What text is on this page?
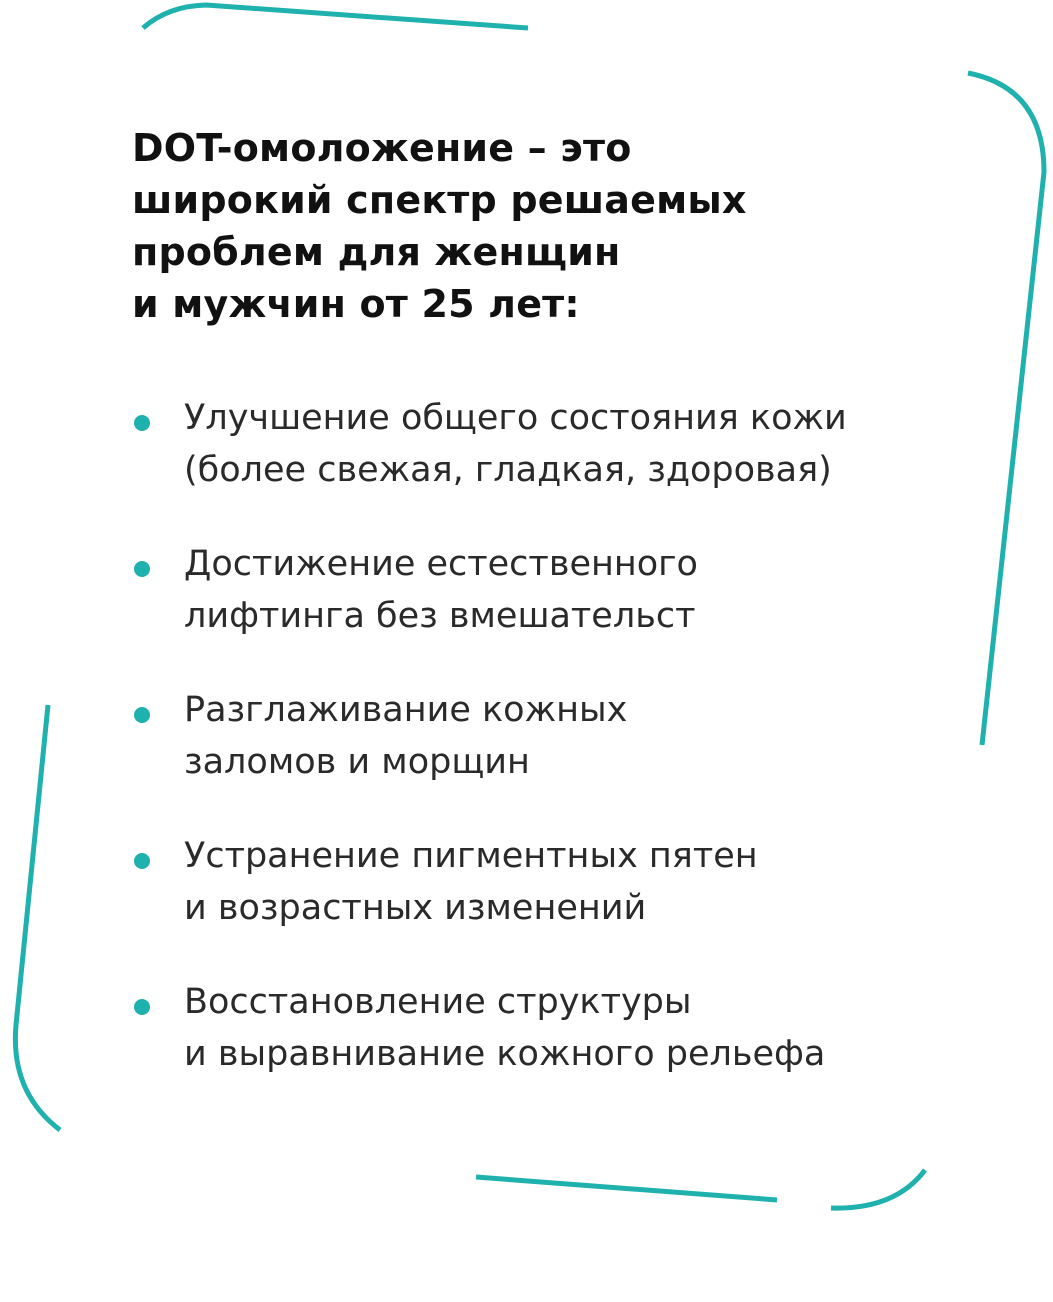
DOT-омоложение – это
широкий спектр решаемых
проблем для женщин
и мужчин от 25 лет:
Улучшение общего состояния кожи
(более свежая, гладкая, здоровая)
Достижение естественного
лифтинга без вмешательст
Разглаживание кожных
заломов и морщин
Устранение пигментных пятен
и возрастных изменений
Восстановление структуры
и выравнивание кожного рельефа
